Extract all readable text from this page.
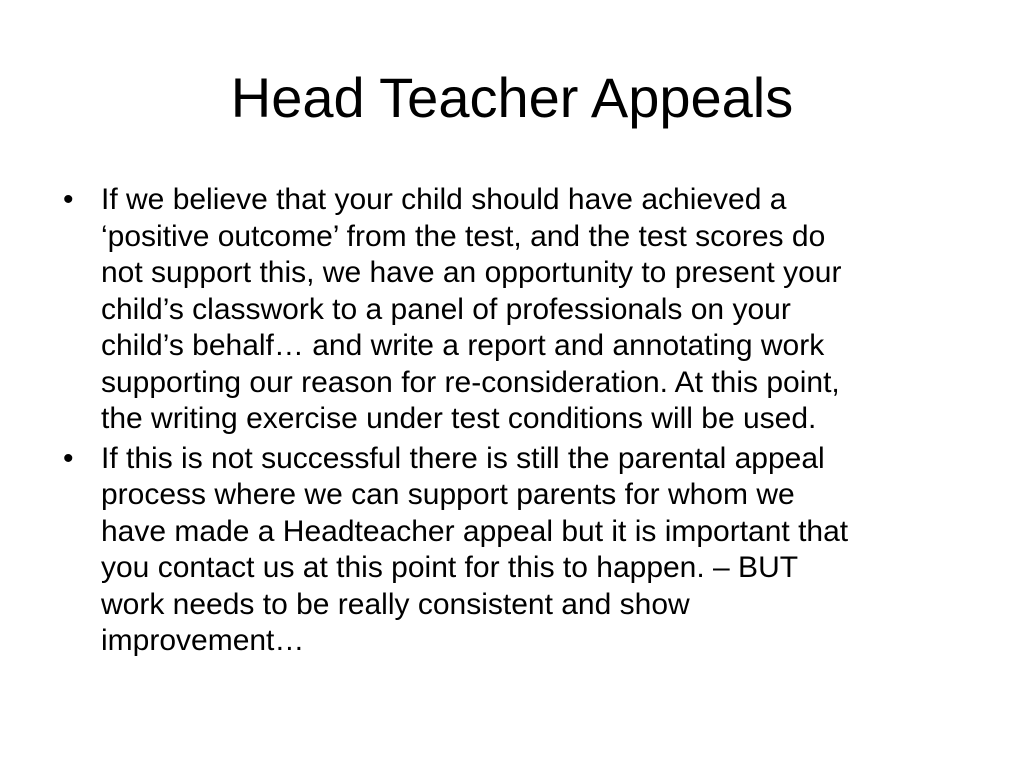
Head Teacher Appeals
• If we believe that your child should have achieved a
‘positive outcome’ from the test, and the test scores do
not support this, we have an opportunity to present your
child’s classwork to a panel of professionals on your
child’s behalf… and write a report and annotating work
supporting our reason for re-consideration. At this point,
the writing exercise under test conditions will be used.
• If this is not successful there is still the parental appeal
process where we can support parents for whom we
have made a Headteacher appeal but it is important that
you contact us at this point for this to happen. – BUT
work needs to be really consistent and show
improvement…
